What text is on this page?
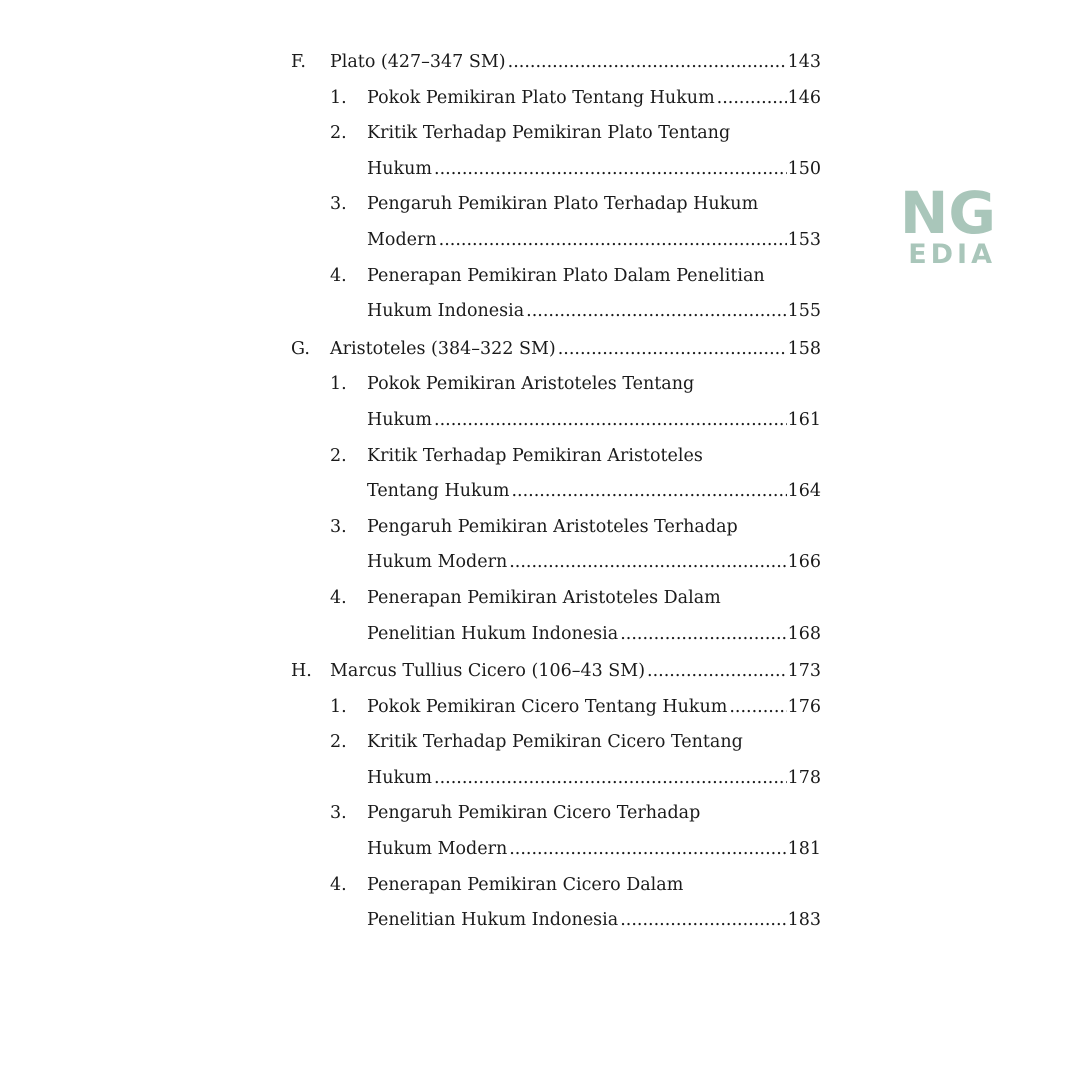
NG
EDIA
F.	Plato (427–347 SM) .....	143
1.	Pokok Pemikiran Plato Tentang Hukum .....	146
2.	Kritik Terhadap Pemikiran Plato Tentang
Hukum .....	150
3.	Pengaruh Pemikiran Plato Terhadap Hukum
Modern .....	153
4.	Penerapan Pemikiran Plato Dalam Penelitian
Hukum Indonesia .....	155
G.	Aristoteles (384–322 SM) .....	158
1.	Pokok Pemikiran Aristoteles Tentang
Hukum .....	161
2.	Kritik Terhadap Pemikiran Aristoteles
Tentang Hukum .....	164
3.	Pengaruh Pemikiran Aristoteles Terhadap
Hukum Modern .....	166
4.	Penerapan Pemikiran Aristoteles Dalam
Penelitian Hukum Indonesia .....	168
H.	Marcus Tullius Cicero (106–43 SM) .....	173
1.	Pokok Pemikiran Cicero Tentang Hukum .....	176
2.	Kritik Terhadap Pemikiran Cicero Tentang
Hukum .....	178
3.	Pengaruh Pemikiran Cicero Terhadap
Hukum Modern .....	181
4.	Penerapan Pemikiran Cicero Dalam
Penelitian Hukum Indonesia .....	183
